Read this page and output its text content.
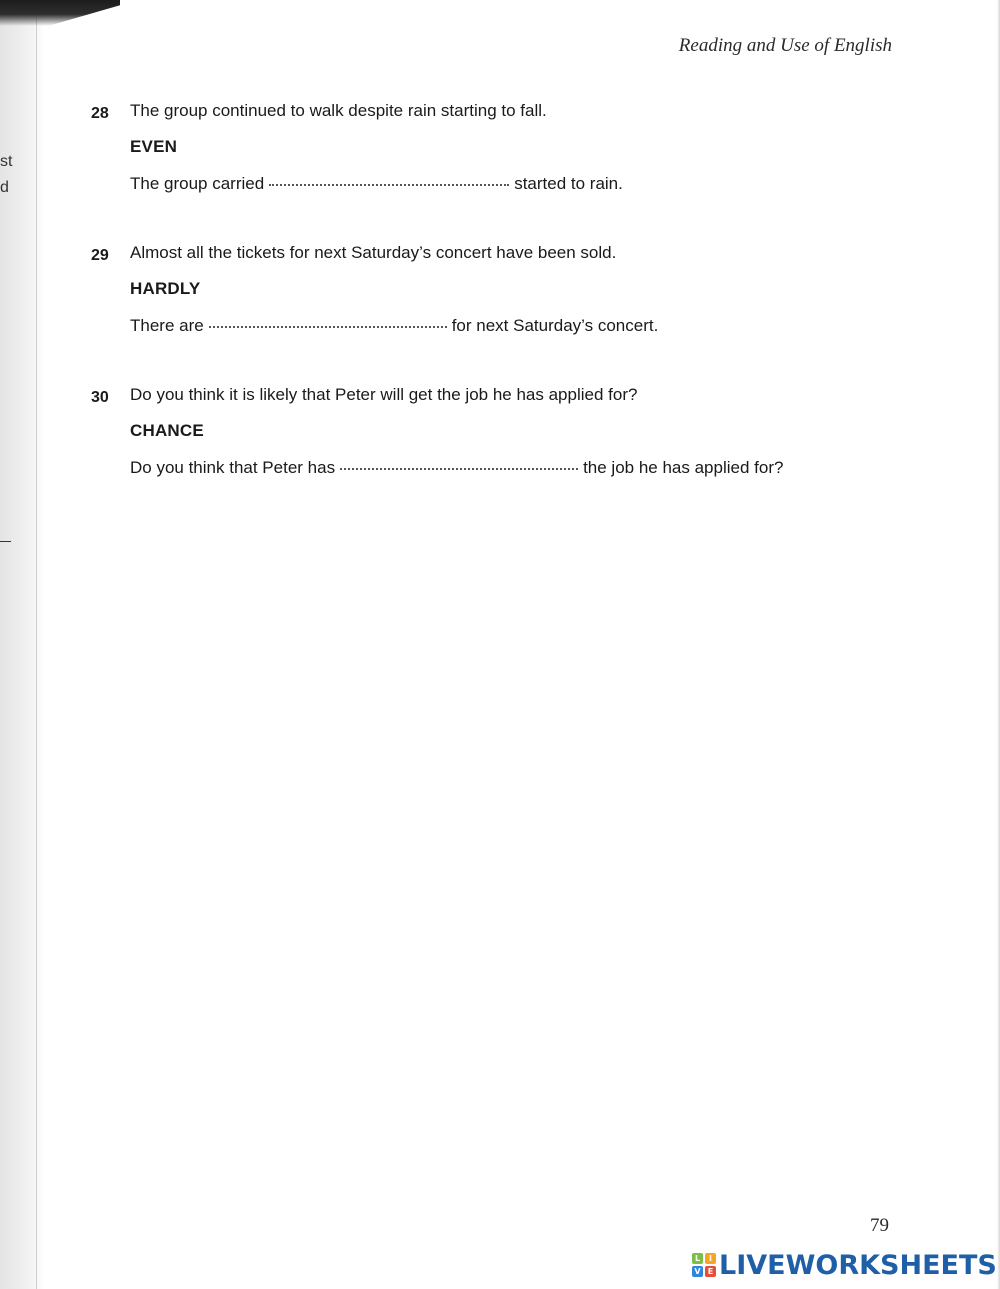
st
d
Reading and Use of English
28 The group continued to walk despite rain starting to fall.
EVEN
The group carried	started to rain.
29 Almost all the tickets for next Saturday’s concert have been sold.
HARDLY
There are	for next Saturday’s concert.
30 Do you think it is likely that Peter will get the job he has applied for?
CHANCE
Do you think that Peter has	the job he has applied for?
79
L	I
V E LIVEWORKSHEETS
